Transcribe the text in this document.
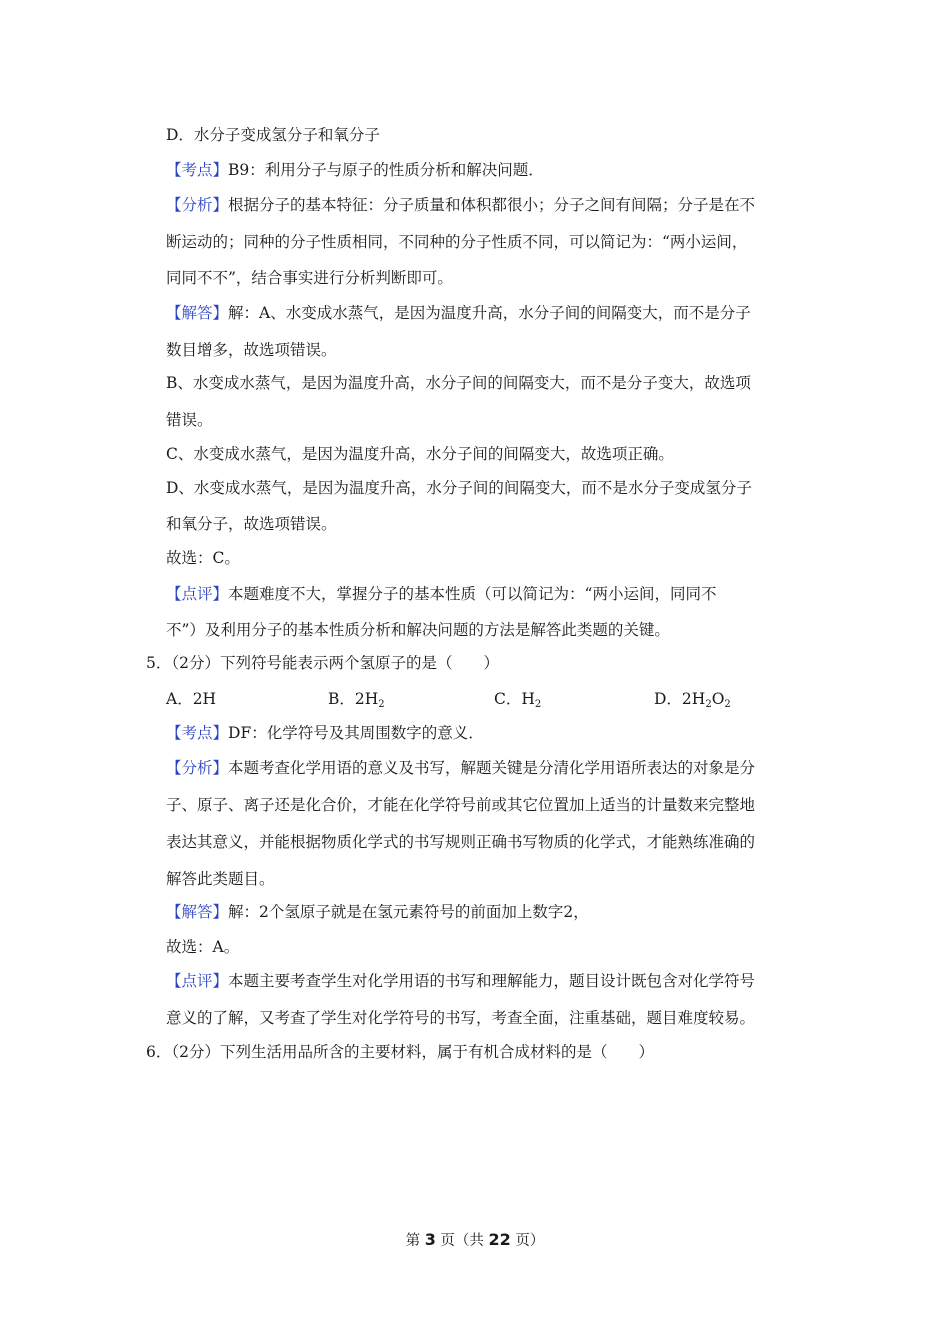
D．水分子变成氢分子和氧分子
【考点】B9：利用分子与原子的性质分析和解决问题．
【分析】根据分子的基本特征：分子质量和体积都很小；分子之间有间隔；分子是在不
断运动的；同种的分子性质相同，不同种的分子性质不同，可以简记为：“两小运间，
同同不不”，结合事实进行分析判断即可。
【解答】解：A、水变成水蒸气，是因为温度升高，水分子间的间隔变大，而不是分子
数目增多，故选项错误。
B、水变成水蒸气，是因为温度升高，水分子间的间隔变大，而不是分子变大，故选项
错误。
C、水变成水蒸气，是因为温度升高，水分子间的间隔变大，故选项正确。
D、水变成水蒸气，是因为温度升高，水分子间的间隔变大，而不是水分子变成氢分子
和氧分子，故选项错误。
故选：C。
【点评】本题难度不大，掌握分子的基本性质（可以简记为：“两小运间，同同不
不”）及利用分子的基本性质分析和解决问题的方法是解答此类题的关键。
5．（2分）下列符号能表示两个氢原子的是（　　）
A．2H	B．$2H_2$	C．$H_2$	D．$2H_2O_2$
【考点】DF：化学符号及其周围数字的意义．
【分析】本题考查化学用语的意义及书写，解题关键是分清化学用语所表达的对象是分
子、原子、离子还是化合价，才能在化学符号前或其它位置加上适当的计量数来完整地
表达其意义，并能根据物质化学式的书写规则正确书写物质的化学式，才能熟练准确的
解答此类题目。
【解答】解：2个氢原子就是在氢元素符号的前面加上数字2，
故选：A。
【点评】本题主要考查学生对化学用语的书写和理解能力，题目设计既包含对化学符号
意义的了解，又考查了学生对化学符号的书写，考查全面，注重基础，题目难度较易。
6．（2分）下列生活用品所含的主要材料，属于有机合成材料的是（　　）
第 3 页（共 22 页）
